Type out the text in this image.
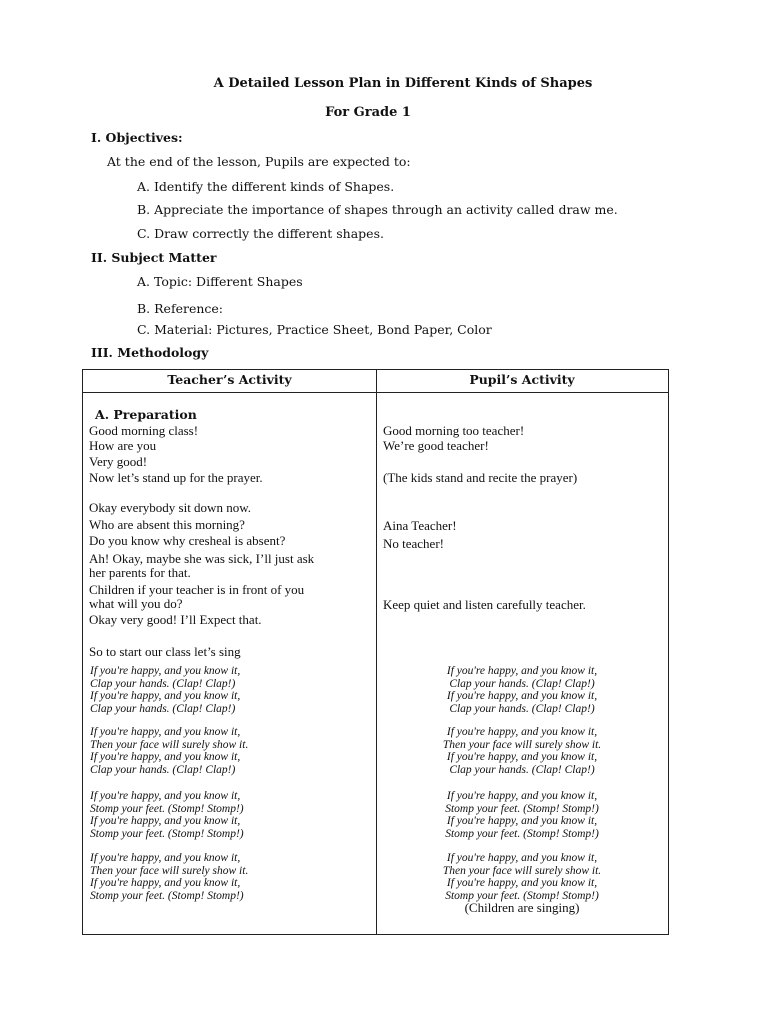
A Detailed Lesson Plan in Different Kinds of Shapes
For Grade 1
I. Objectives:
At the end of the lesson, Pupils are expected to:
A. Identify the different kinds of Shapes.
B. Appreciate the importance of shapes through an activity called draw me.
C. Draw correctly the different shapes.
II. Subject Matter
A. Topic: Different Shapes
B. Reference:
C. Material: Pictures, Practice Sheet, Bond Paper, Color
III. Methodology
Teacher’s Activity	Pupil’s Activity
A. Preparation
Good morning class!
How are you
Very good!
Now let’s stand up for the prayer.
Okay everybody sit down now.
Who are absent this morning?
Do you know why cresheal is absent?
Ah! Okay, maybe she was sick, I’ll just ask
her parents for that.
Children if your teacher is in front of you
what will you do?
Okay very good! I’ll Expect that.
So to start our class let’s sing
Good morning too teacher!
We’re good teacher!
(The kids stand and recite the prayer)
Aina Teacher!
No teacher!
Keep quiet and listen carefully teacher.
If you're happy, and you know it,
Clap your hands. (Clap! Clap!)
If you're happy, and you know it,
Clap your hands. (Clap! Clap!)
If you're happy, and you know it,
Then your face will surely show it.
If you're happy, and you know it,
Clap your hands. (Clap! Clap!)
If you're happy, and you know it,
Stomp your feet. (Stomp! Stomp!)
If you're happy, and you know it,
Stomp your feet. (Stomp! Stomp!)
If you're happy, and you know it,
Then your face will surely show it.
If you're happy, and you know it,
Stomp your feet. (Stomp! Stomp!)
If you're happy, and you know it,
Clap your hands. (Clap! Clap!)
If you're happy, and you know it,
Clap your hands. (Clap! Clap!)
If you're happy, and you know it,
Then your face will surely show it.
If you're happy, and you know it,
Clap your hands. (Clap! Clap!)
If you're happy, and you know it,
Stomp your feet. (Stomp! Stomp!)
If you're happy, and you know it,
Stomp your feet. (Stomp! Stomp!)
If you're happy, and you know it,
Then your face will surely show it.
If you're happy, and you know it,
Stomp your feet. (Stomp! Stomp!)
(Children are singing)
